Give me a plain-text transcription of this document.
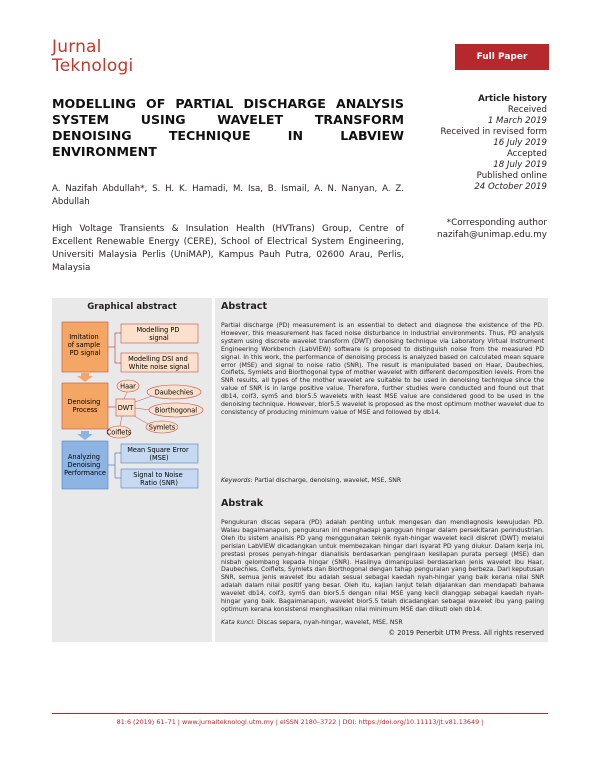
Jurnal
Teknologi	Full Paper
MODELLING OF PARTIAL DISCHARGE ANALYSIS SYSTEM USING WAVELET TRANSFORM DENOISING TECHNIQUE IN LABVIEW ENVIRONMENT
Article history
Received
1 March 2019
Received in revised form
16 July 2019
Accepted
18 July 2019
Published online
24 October 2019
A. Nazifah Abdullah*, S. H. K. Hamadi, M. Isa, B. Ismail, A. N. Nanyan, A. Z. Abdullah
*Corresponding author
nazifah@unimap.edu.my
High Voltage Transients & Insulation Health (HVTrans) Group, Centre of Excellent Renewable Energy (CERE), School of Electrical System Engineering, Universiti Malaysia Perlis (UniMAP), Kampus Pauh Putra, 02600 Arau, Perlis, Malaysia
Graphical abstract
Imitation of sample PD signal
Modelling PD signal
Modelling DSI and White noise signal
Denoising Process	DWT
Haar
Daubechies
Biorthogonal
Symlets
Coiflets
Analyzing Denoising Performance
Mean Square Error (MSE)
Signal to Noise Ratio (SNR)
Abstract
Partial discharge (PD) measurement is an essential to detect and diagnose the existence of the PD. However, this measurement has faced noise disturbance in industrial environments. Thus, PD analysis system using discrete wavelet transform (DWT) denoising technique via Laboratory Virtual Instrument Engineering Workbench (LabVIEW) software is proposed to distinguish noise from the measured PD signal. In this work, the performance of denoising process is analyzed based on calculated mean square error (MSE) and signal to noise ratio (SNR). The result is manipulated based on Haar, Daubechies, Coiflets, Symlets and Biorthogonal type of mother wavelet with different decomposition levels. From the SNR results, all types of the mother wavelet are suitable to be used in denoising technique since the value of SNR is in large positive value. Therefore, further studies were conducted and found out that db14, coif3, sym5 and bior5.5 wavelets with least MSE value are considered good to be used in the denoising technique. However, bior5.5 wavelet is proposed as the most optimum mother wavelet due to consistency of producing minimum value of MSE and followed by db14.
Keywords: Partial discharge, denoising, wavelet, MSE, SNR
Abstrak
Pengukuran discas separa (PD) adalah penting untuk mengesan dan mendiagnosis kewujudan PD. Walau bagaimanapun, pengukuran ini menghadapi gangguan hingar dalam persekitaran perindustrian. Oleh itu sistem analisis PD yang menggunakan teknik nyah-hingar wavelet kecil diskret (DWT) melalui perisian LabVIEW dicadangkan untuk membezakan hingar dari isyarat PD yang diukur. Dalam kerja ini, prestasi proses penyah-hingar dianalisis berdasarkan pengiraan kesilapan purata persegi (MSE) dan nisbah gelombang kepada hingar (SNR). Hasilnya dimanipulasi berdasarkan jenis wavelet ibu Haar, Daubechies, Coiflets, Symlets dan Biorthogonal dengan tahap penguraian yang berbeza. Dari keputusan SNR, semua jenis wavelet ibu adalah sesuai sebagai kaedah nyah-hingar yang baik kerana nilai SNR adalah dalam nilai positif yang besar. Oleh itu, kajian lanjut telah dijalankan dan mendapati bahawa wavelet db14, coif3, sym5 dan bior5.5 dengan nilai MSE yang kecil dianggap sebagai kaedah nyah-hingar yang baik. Bagaimanapun, wavelet bior5.5 telah dicadangkan sebagai wavelet ibu yang paling optimum kerana konsistensi menghasilkan nilai minimum MSE dan diikuti oleh db14.
Kata kunci: Discas separa, nyah-hingar, wavelet, MSE, NSR
© 2019 Penerbit UTM Press. All rights reserved
81:6 (2019) 61–71 | www.jurnalteknologi.utm.my | eISSN 2180–3722 | DOI: https://doi.org/10.11113/jt.v81.13649 |
